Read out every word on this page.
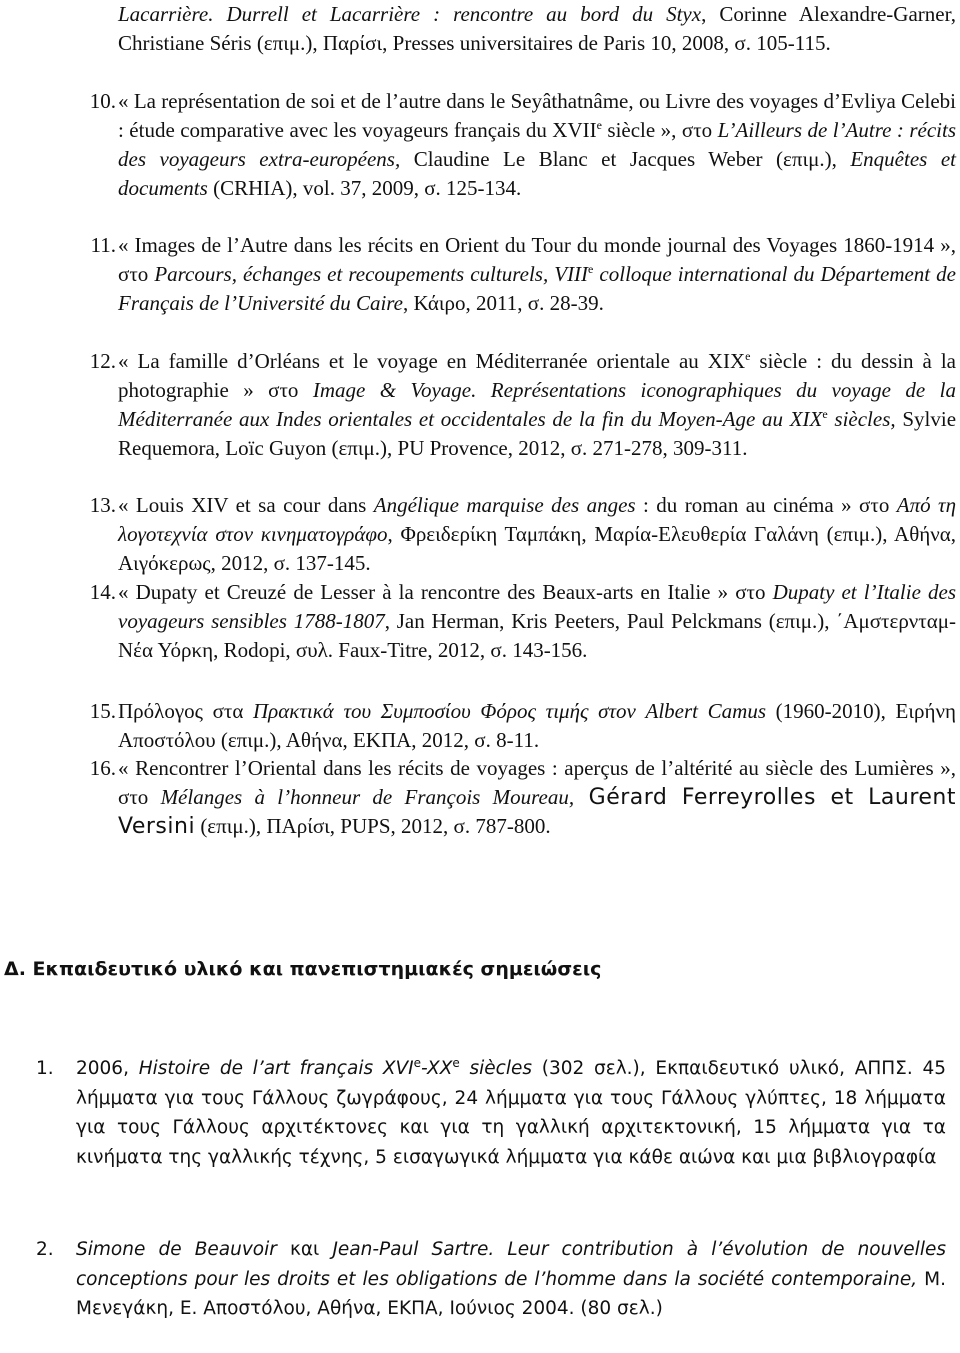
Lacarrière. Durrell et Lacarrière : rencontre au bord du Styx, Corinne Alexandre-Garner, Christiane Séris (επιμ.), Παρίσι, Presses universitaires de Paris 10, 2008, σ. 105-115.
10. « La représentation de soi et de l’autre dans le Seyâthatnâme, ou Livre des voyages d’Evliya Celebi : étude comparative avec les voyageurs français du XVIIe siècle », στο L’Ailleurs de l’Autre : récits des voyageurs extra-européens, Claudine Le Blanc et Jacques Weber (επιμ.), Enquêtes et documents (CRHIA), vol. 37, 2009, σ. 125-134.
11. « Images de l’Autre dans les récits en Orient du Tour du monde journal des Voyages 1860-1914 », στο Parcours, échanges et recoupements culturels, VIIIe colloque international du Département de Français de l’Université du Caire, Κάιρο, 2011, σ. 28-39.
12. « La famille d’Orléans et le voyage en Méditerranée orientale au XIXe siècle : du dessin à la photographie » στο Image & Voyage. Représentations iconographiques du voyage de la Méditerranée aux Indes orientales et occidentales de la fin du Moyen-Age au XIXe siècles, Sylvie Requemora, Loïc Guyon (επιμ.), PU Provence, 2012, σ. 271-278, 309-311.
13. « Louis XIV et sa cour dans Angélique marquise des anges : du roman au cinéma » στο Από τη λογοτεχνία στον κινηματογράφο, Φρειδερίκη Ταμπάκη, Μαρία-Ελευθερία Γαλάνη (επιμ.), Αθήνα, Αιγόκερως, 2012, σ. 137-145.
14. « Dupaty et Creuzé de Lesser à la rencontre des Beaux-arts en Italie » στο Dupaty et l’Italie des voyageurs sensibles 1788-1807, Jan Herman, Kris Peeters, Paul Pelckmans (επιμ.), ΄Αμστερνταμ-Νέα Υόρκη, Rodopi, συλ. Faux-Titre, 2012, σ. 143-156.
15. Πρόλογος στα Πρακτικά του Συμποσίου Φόρος τιμής στον Albert Camus (1960-2010), Ειρήνη Αποστόλου (επιμ.), Αθήνα, ΕΚΠΑ, 2012, σ. 8-11.
16. « Rencontrer l’Oriental dans les récits de voyages : aperçus de l’altérité au siècle des Lumières », στο Mélanges à l’honneur de François Moureau, Gérard Ferreyrolles et Laurent Versini (επιμ.), ΠΑρίσι, PUPS, 2012, σ. 787-800.
Δ. Εκπαιδευτικό υλικό και πανεπιστημιακές σημειώσεις
1.	2006, Histoire de l’art français XVIe-XXe siècles (302 σελ.), Εκπαιδευτικό υλικό, ΑΠΠΣ. 45 λήμματα για τους Γάλλους ζωγράφους, 24 λήμματα για τους Γάλλους γλύπτες, 18 λήμματα για τους Γάλλους αρχιτέκτονες και για τη γαλλική αρχιτεκτονική, 15 λήμματα για τα κινήματα της γαλλικής τέχνης, 5 εισαγωγικά λήμματα για κάθε αιώνα και μια βιβλιογραφία
2.	Simone de Beauvoir και Jean-Paul Sartre. Leur contribution à l’évolution de nouvelles conceptions pour les droits et les obligations de l’homme dans la société contemporaine, Μ. Μενεγάκη, Ε. Αποστόλου, Αθήνα, ΕΚΠΑ, Ιούνιος 2004. (80 σελ.)
